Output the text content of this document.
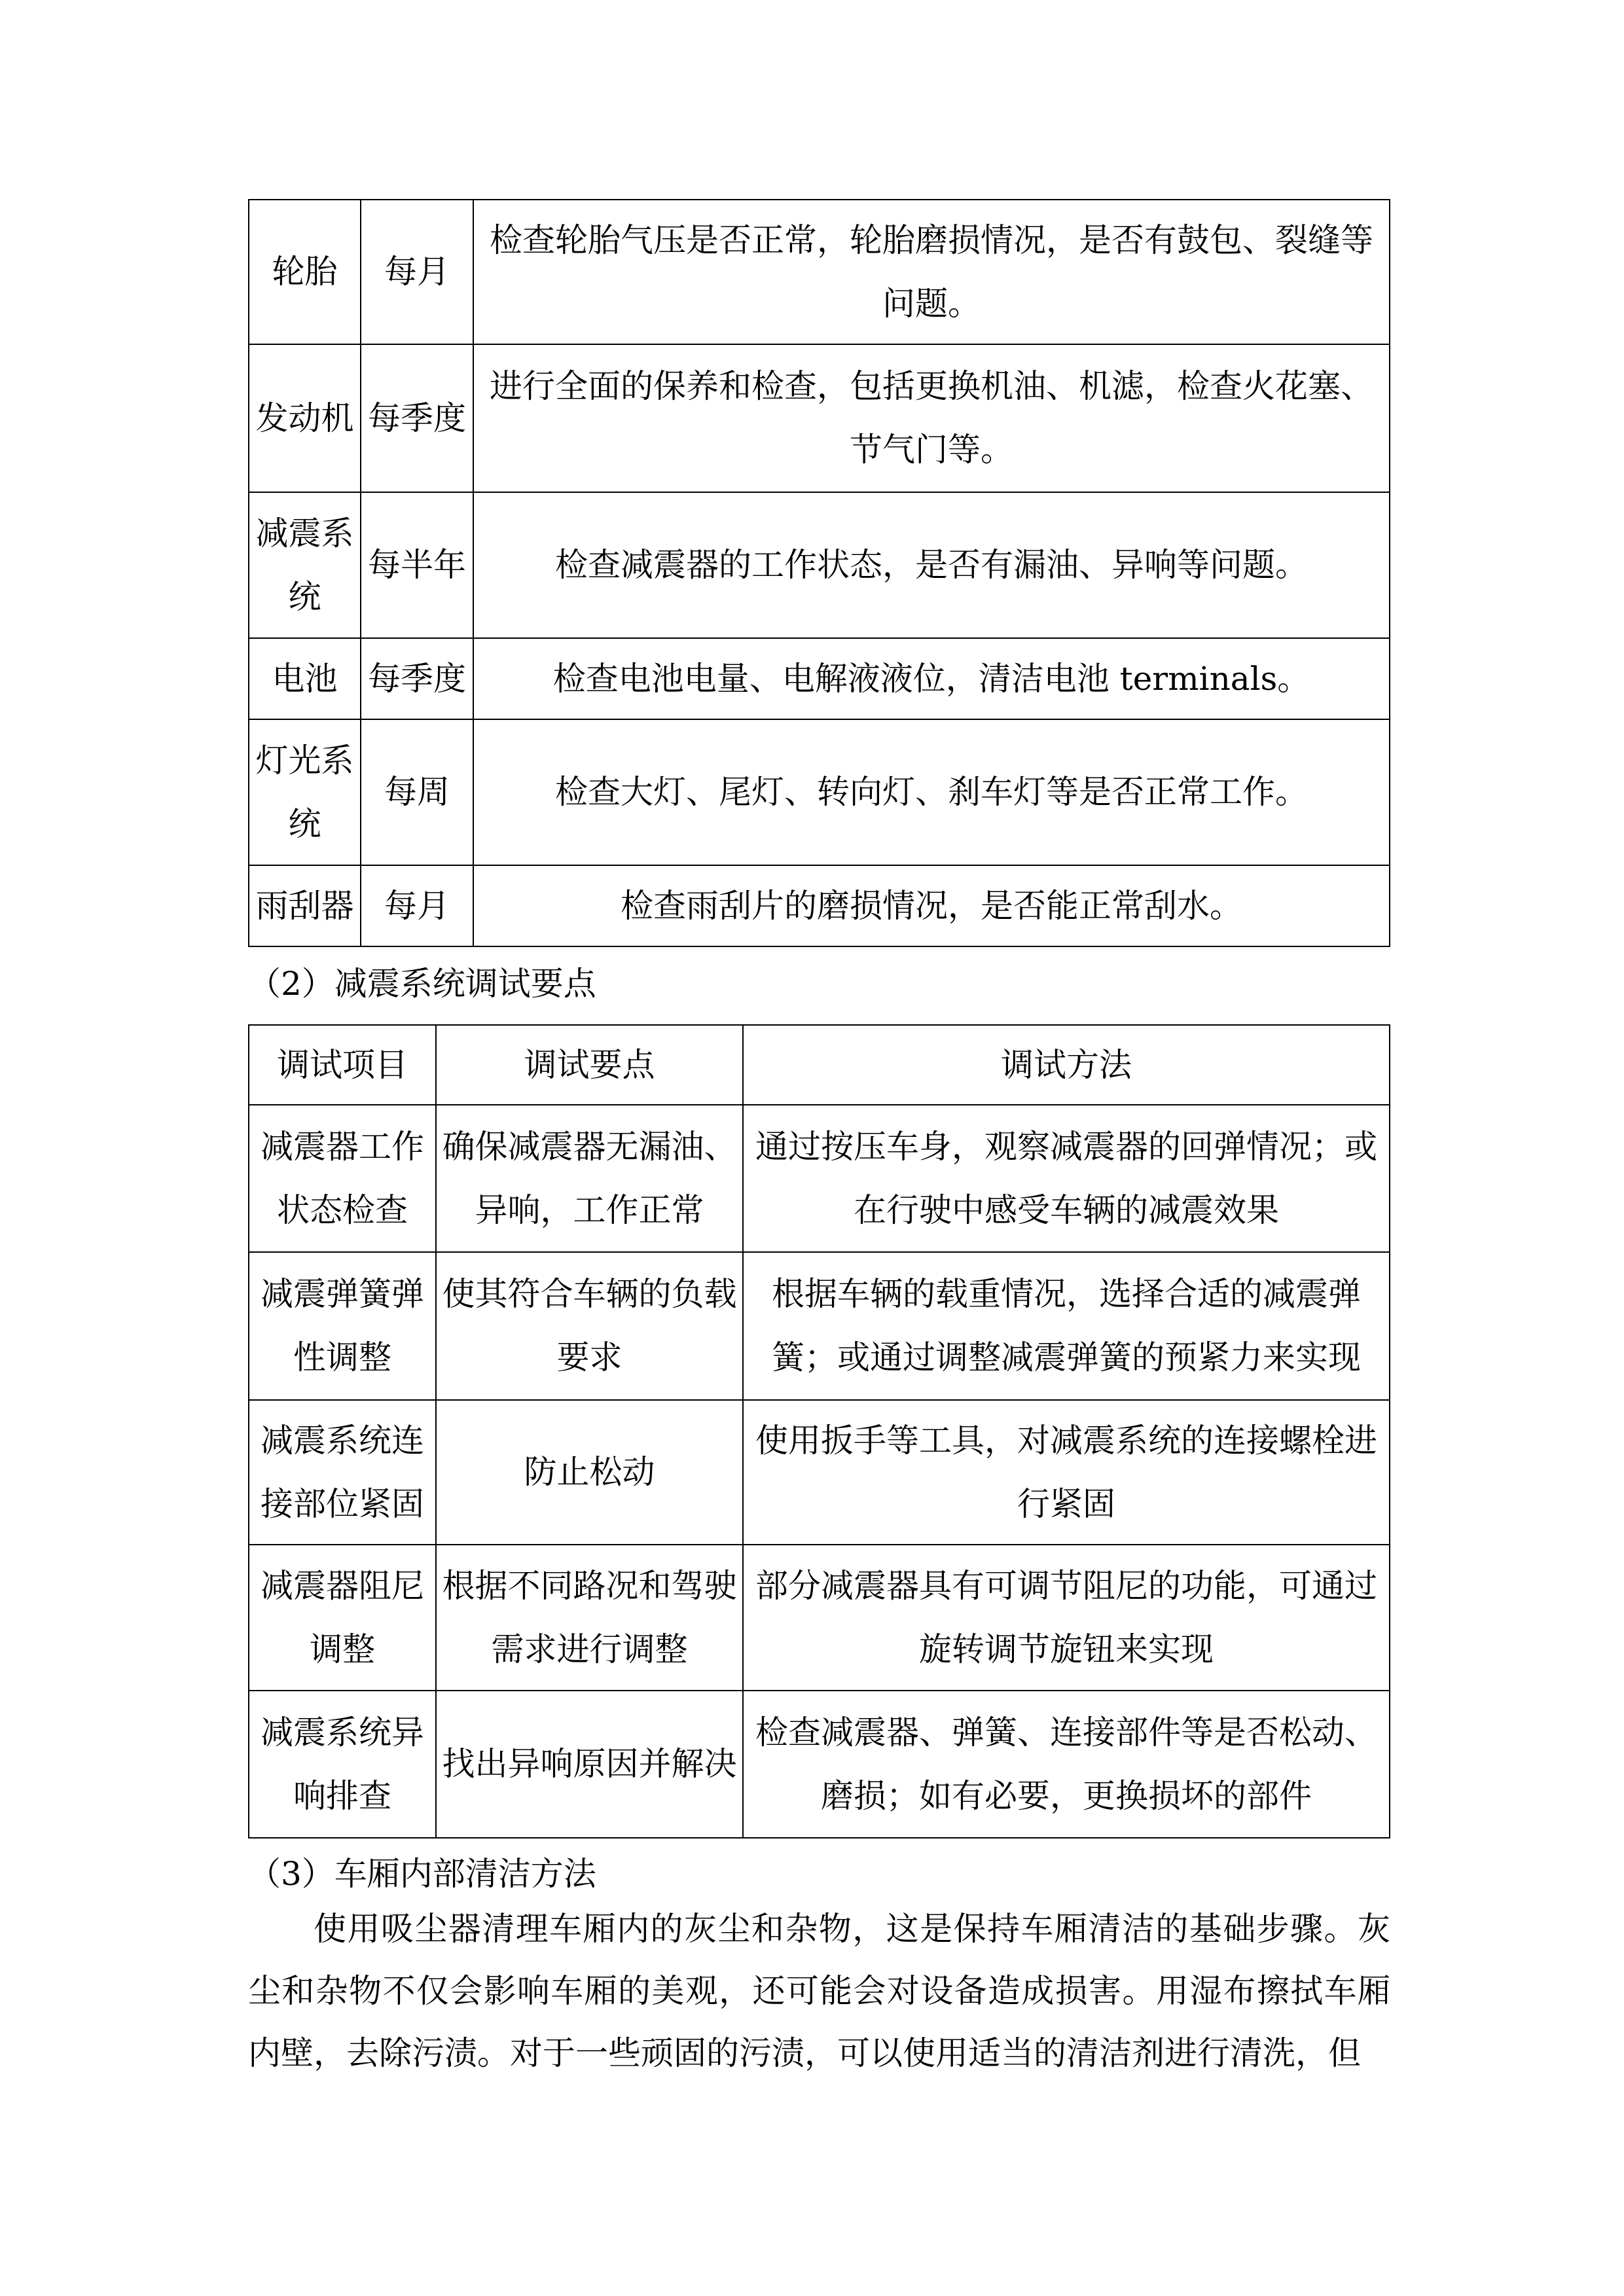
轮胎	每月	检查轮胎气压是否正常，轮胎磨损情况，是否有鼓包、裂缝等问题。
发动机	每季度	进行全面的保养和检查，包括更换机油、机滤，检查火花塞、节气门等。
减震系统	每半年	检查减震器的工作状态，是否有漏油、异响等问题。
电池	每季度	检查电池电量、电解液液位，清洁电池 terminals。
灯光系统	每周	检查大灯、尾灯、转向灯、刹车灯等是否正常工作。
雨刮器	每月	检查雨刮片的磨损情况，是否能正常刮水。
（2）减震系统调试要点
调试项目	调试要点	调试方法
减震器工作状态检查	确保减震器无漏油、异响，工作正常	通过按压车身，观察减震器的回弹情况；或在行驶中感受车辆的减震效果
减震弹簧弹性调整	使其符合车辆的负载要求	根据车辆的载重情况，选择合适的减震弹簧；或通过调整减震弹簧的预紧力来实现
减震系统连接部位紧固	防止松动	使用扳手等工具，对减震系统的连接螺栓进行紧固
减震器阻尼调整	根据不同路况和驾驶需求进行调整	部分减震器具有可调节阻尼的功能，可通过旋转调节旋钮来实现
减震系统异响排查	找出异响原因并解决	检查减震器、弹簧、连接部件等是否松动、磨损；如有必要，更换损坏的部件
（3）车厢内部清洁方法
使用吸尘器清理车厢内的灰尘和杂物，这是保持车厢清洁的基础步骤。灰尘和杂物不仅会影响车厢的美观，还可能会对设备造成损害。用湿布擦拭车厢内壁，去除污渍。对于一些顽固的污渍，可以使用适当的清洁剂进行清洗，但
